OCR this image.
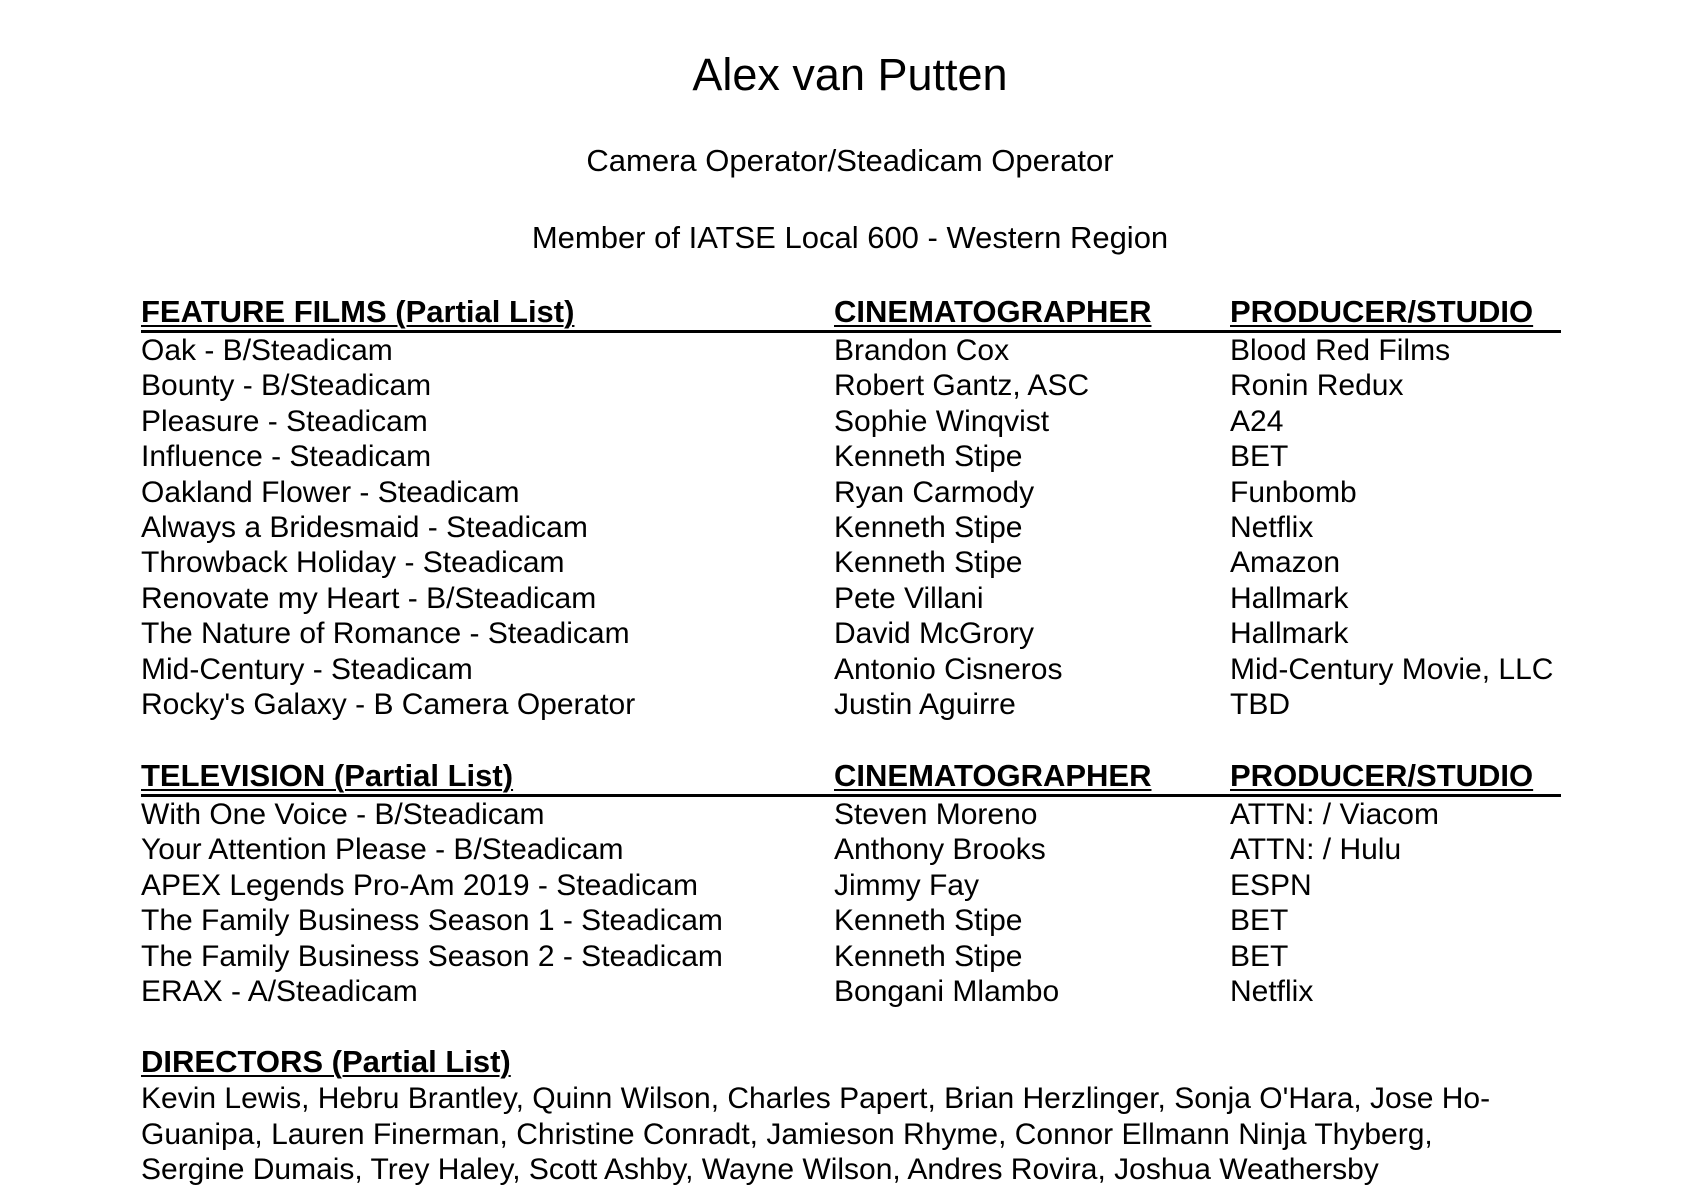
Alex van Putten
Camera Operator/Steadicam Operator
Member of IATSE Local 600 - Western Region
FEATURE FILMS (Partial List)	CINEMATOGRAPHER	PRODUCER/STUDIO
Oak - B/Steadicam	Brandon Cox	Blood Red Films
Bounty - B/Steadicam	Robert Gantz, ASC	Ronin Redux
Pleasure - Steadicam	Sophie Winqvist	A24
Influence - Steadicam	Kenneth Stipe	BET
Oakland Flower - Steadicam	Ryan Carmody	Funbomb
Always a Bridesmaid - Steadicam	Kenneth Stipe	Netflix
Throwback Holiday - Steadicam	Kenneth Stipe	Amazon
Renovate my Heart - B/Steadicam	Pete Villani	Hallmark
The Nature of Romance - Steadicam	David McGrory	Hallmark
Mid-Century - Steadicam	Antonio Cisneros	Mid-Century Movie, LLC
Rocky's Galaxy - B Camera Operator	Justin Aguirre	TBD
TELEVISION (Partial List)	CINEMATOGRAPHER	PRODUCER/STUDIO
With One Voice - B/Steadicam	Steven Moreno	ATTN: / Viacom
Your Attention Please - B/Steadicam	Anthony Brooks	ATTN: / Hulu
APEX Legends Pro-Am 2019 - Steadicam	Jimmy Fay	ESPN
The Family Business Season 1 - Steadicam	Kenneth Stipe	BET
The Family Business Season 2 - Steadicam	Kenneth Stipe	BET
ERAX - A/Steadicam	Bongani Mlambo	Netflix
DIRECTORS (Partial List)
Kevin Lewis, Hebru Brantley, Quinn Wilson, Charles Papert, Brian Herzlinger, Sonja O'Hara, Jose Ho-Guanipa, Lauren Finerman, Christine Conradt, Jamieson Rhyme, Connor Ellmann Ninja Thyberg, Sergine Dumais, Trey Haley, Scott Ashby, Wayne Wilson, Andres Rovira, Joshua Weathersby
